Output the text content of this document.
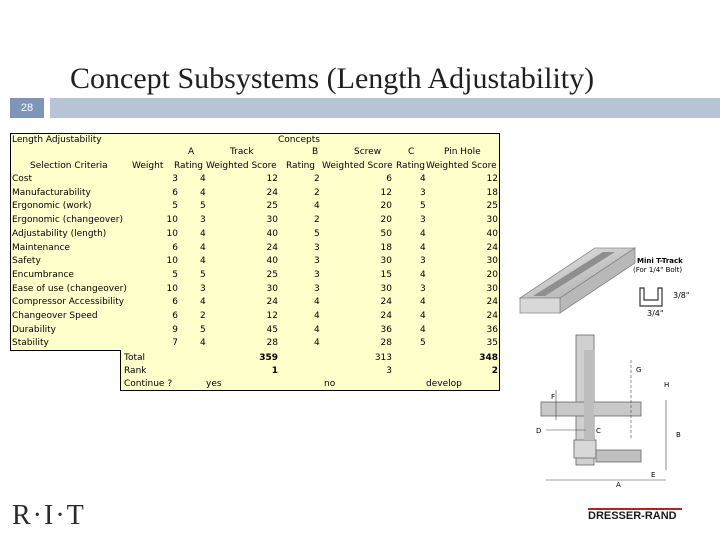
Concept Subsystems (Length Adjustability)
28
Length Adjustability	Concepts
A	Track	B	Screw	C	Pin Hole
Selection Criteria	Weight Rating Weighted Score Rating Weighted Score Rating Weighted Score
Cost	3 4	12	2	6	4	12
Manufacturability	6 4	24	2	12	3	18
Ergonomic (work)	5 5	25	4	20	5	25
Ergonomic (changeover)	10 3	30	2	20	3	30
Adjustability (length)	10 4	40	5	50	4	40
Maintenance	6 4	24	3	18	4	24
Safety	10 4	40	3	30	3	30
Encumbrance	5 5	25	3	15	4	20
Ease of use (changeover)	10 3	30	3	30	3	30
Compressor Accessibility	6 4	24	4	24	4	24
Changeover Speed	6 2	12	4	24	4	24
Durability	9 5	45	4	36	4	36
Stability	7 4	28	4	28	5	35
Total	359	313	348
Rank	1	3	2
Continue ?	yes	no	develop
Mini T-Track
(For 1/4" Bolt)
3/8"
3/4"
G
F
H
D	C	B
E
A
R·I·T	DRESSER-RAND
